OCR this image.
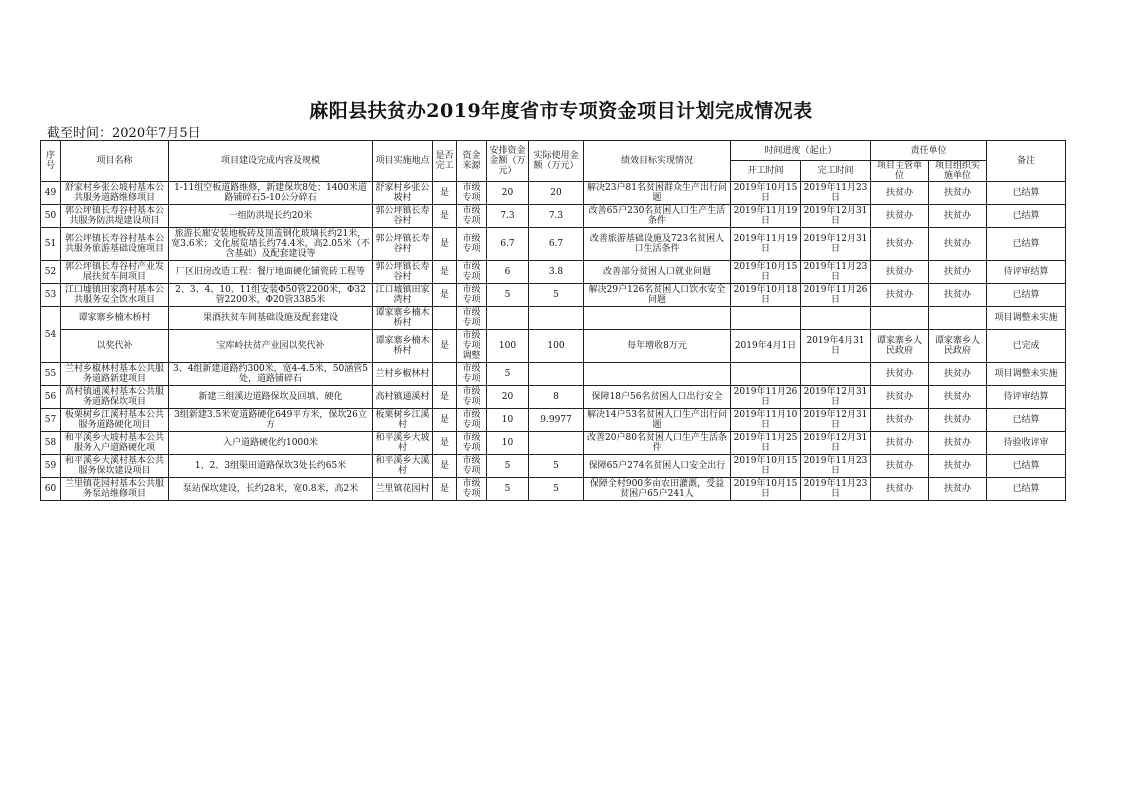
麻阳县扶贫办2019年度省市专项资金项目计划完成情况表
截至时间：2020年7月5日
序号	项目名称	项目建设完成内容及规模	项目实施地点	是否完工	资金来源	安排资金金额（万元）	实际使用金额（万元）	绩效目标实现情况	时间进度（起止）		责任单位		备注
									开工时间	完工时间	项目主管单位	项目组织实施单位	
49	舒家村乡张公坡村基本公共服务道路维修项目	1-11组空板道路维修，新建保坎8处；1400米道路铺碎石5-10公分碎石	舒家村乡张公坡村	是	市级专项	20	20	解决23户81名贫困群众生产出行问题	2019年10月15日	2019年11月23日	扶贫办	扶贫办	已结算
50	郭公坪镇长寿谷村基本公共服务防洪堤建设项目	一组防洪堤长约20米	郭公坪镇长寿谷村	是	市级专项	7.3	7.3	改善65户230名贫困人口生产生活条件	2019年11月19日	2019年12月31日	扶贫办	扶贫办	已结算
51	郭公坪镇长寿谷村基本公共服务旅游基础设施项目	旅游长廊安装地板砖及顶盖钢化玻璃长约21米，宽3.6米；文化展览墙长约74.4米，高2.05米（不含基础）及配套建设等	郭公坪镇长寿谷村	是	市级专项	6.7	6.7	改善旅游基础设施及723名贫困人口生活条件	2019年11月19日	2019年12月31日	扶贫办	扶贫办	已结算
52	郭公坪镇长寿谷村产业发展扶贫车间项目	厂区旧房改造工程：餐厅地面硬化铺瓷砖工程等	郭公坪镇长寿谷村	是	市级专项	6	3.8	改善部分贫困人口就业问题	2019年10月15日	2019年11月23日	扶贫办	扶贫办	待评审结算
53	江口墟镇田家湾村基本公共服务安全饮水项目	2、3、4、10、11组安装Φ50管2200米，Φ32管2200米，Φ20管3385米	江口墟镇田家湾村	是	市级专项	5	5	解决29户126名贫困人口饮水安全问题	2019年10月18日	2019年11月26日	扶贫办	扶贫办	已结算
54	谭家寨乡楠木桥村	果酒扶贫车间基础设施及配套建设	谭家寨乡楠木桥村		市级专项								项目调整未实施
	以奖代补	宝库岭扶贫产业园以奖代补	谭家寨乡楠木桥村	是	市级专项调整	100	100	每年增收8万元	2019年4月1日	2019年4月31日	谭家寨乡人民政府	谭家寨乡人民政府	已完成
55	兰村乡椒林村基本公共服务道路新建项目	3、4组新建道路约300米，宽4-4.5米，50涵管5处，道路铺碎石	兰村乡椒林村		市级专项	5					扶贫办	扶贫办	项目调整未实施
56	高村镇通溪村基本公共服务道路保坎项目	新建三组溪边道路保坎及回填、硬化	高村镇通溪村	是	市级专项	20	8	保障18户56名贫困人口出行安全	2019年11月26日	2019年12月31日	扶贫办	扶贫办	待评审结算
57	板栗树乡江溪村基本公共服务道路硬化项目	3组新建3.5米宽道路硬化649平方米，保坎26立方	板栗树乡江溪村	是	市级专项	10	9.9977	解决14户53名贫困人口生产出行问题	2019年11月10日	2019年12月31日	扶贫办	扶贫办	已结算
58	和平溪乡大坡村基本公共服务入户道路硬化项	入户道路硬化约1000米	和平溪乡大坡村	是	市级专项	10		改善20户80名贫困人口生产生活条件	2019年11月25日	2019年12月31日	扶贫办	扶贫办	待验收评审
59	和平溪乡大溪村基本公共服务保坎建设项目	1、2、3组渠田道路保坎3处长约65米	和平溪乡大溪村	是	市级专项	5	5	保障65户274名贫困人口安全出行	2019年10月15日	2019年11月23日	扶贫办	扶贫办	已结算
60	兰里镇花园村基本公共服务泵站维修项目	泵站保坎建设，长约28米，宽0.8米，高2米	兰里镇花园村	是	市级专项	5	5	保障全村900多亩农田灌溉，受益贫困户65户241人	2019年10月15日	2019年11月23日	扶贫办	扶贫办	已结算
